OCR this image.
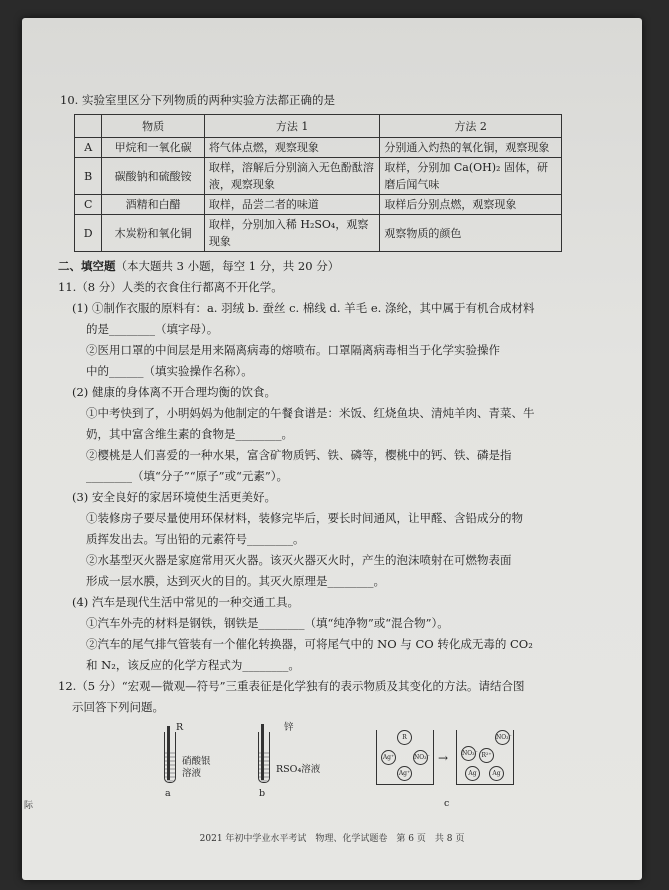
10. 实验室里区分下列物质的两种实验方法都正确的是
	物质	方法 1	方法 2
A	甲烷和一氧化碳	将气体点燃，观察现象	分别通入灼热的氧化铜，观察现象
B	碳酸钠和硫酸铵	取样，溶解后分别滴入无色酚酞溶液，观察现象	取样，分别加 Ca(OH)₂ 固体，研磨后闻气味
C	酒精和白醋	取样，品尝二者的味道	取样后分别点燃，观察现象
D	木炭粉和氧化铜	取样，分别加入稀 H₂SO₄，观察现象	观察物质的颜色
二、填空题（本大题共 3 小题，每空 1 分，共 20 分）
11.（8 分）人类的衣食住行都离不开化学。
(1) ①制作衣服的原料有：a. 羽绒 b. 蚕丝 c. 棉线 d. 羊毛 e. 涤纶，其中属于有机合成材料
的是________（填字母）。
②医用口罩的中间层是用来隔离病毒的熔喷布。口罩隔离病毒相当于化学实验操作
中的______（填实验操作名称）。
(2) 健康的身体离不开合理均衡的饮食。
①中考快到了，小明妈妈为他制定的午餐食谱是：米饭、红烧鱼块、清炖羊肉、青菜、牛
奶，其中富含维生素的食物是________。
②樱桃是人们喜爱的一种水果，富含矿物质钙、铁、磷等，樱桃中的钙、铁、磷是指
________（填“分子”“原子”或“元素”）。
(3) 安全良好的家居环境使生活更美好。
①装修房子要尽量使用环保材料，装修完毕后，要长时间通风，让甲醛、含铅成分的物
质挥发出去。写出铅的元素符号________。
②水基型灭火器是家庭常用灭火器。该灭火器灭火时，产生的泡沫喷射在可燃物表面
形成一层水膜，达到灭火的目的。其灭火原理是________。
(4) 汽车是现代生活中常见的一种交通工具。
①汽车外壳的材料是钢铁，钢铁是________（填“纯净物”或“混合物”）。
②汽车的尾气排气管装有一个催化转换器，可将尾气中的 NO 与 CO 转化成无毒的 CO₂
和 N₂，该反应的化学方程式为________。
12.（5 分）“宏观—微观—符号”三重表征是化学独有的表示物质及其变化的方法。请结合图
示回答下列问题。
R
硝酸银
溶液
a
锌
RSO₄溶液
b
R
Ag⁺	NO₃⁻
Ag⁺
→
NO₃⁻
NO₃⁻ R²⁺
Ag	Ag
c
际
2021 年初中学业水平考试　物理、化学试题卷　第 6 页　共 8 页
